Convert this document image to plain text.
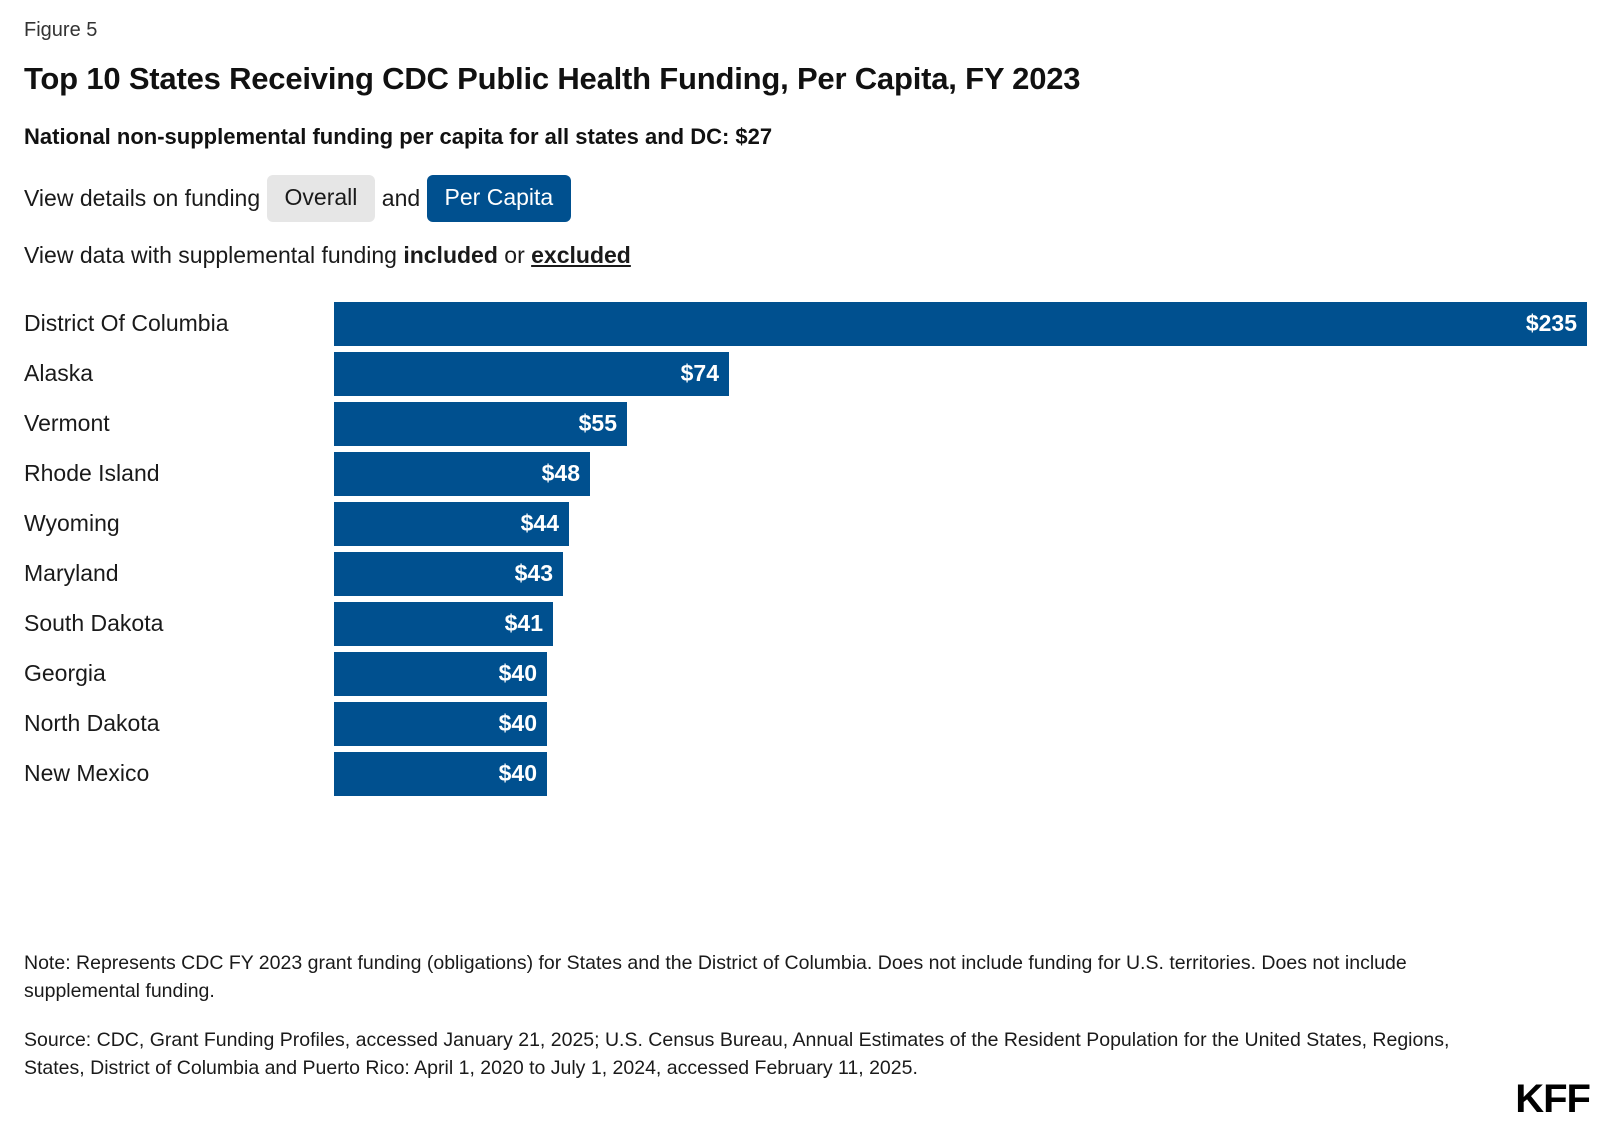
Figure 5
Top 10 States Receiving CDC Public Health Funding, Per Capita, FY 2023
National non-supplemental funding per capita for all states and DC: $27
View details on funding Overall and Per Capita
View data with supplemental funding included or excluded
District Of Columbia	$235
Alaska	$74
Vermont	$55
Rhode Island	$48
Wyoming	$44
Maryland	$43
South Dakota	$41
Georgia	$40
North Dakota	$40
New Mexico	$40
Note: Represents CDC FY 2023 grant funding (obligations) for States and the District of Columbia. Does not include funding for U.S. territories. Does not include supplemental funding.
Source: CDC, Grant Funding Profiles, accessed January 21, 2025; U.S. Census Bureau, Annual Estimates of the Resident Population for the United States, Regions, States, District of Columbia and Puerto Rico: April 1, 2020 to July 1, 2024, accessed February 11, 2025.
KFF
